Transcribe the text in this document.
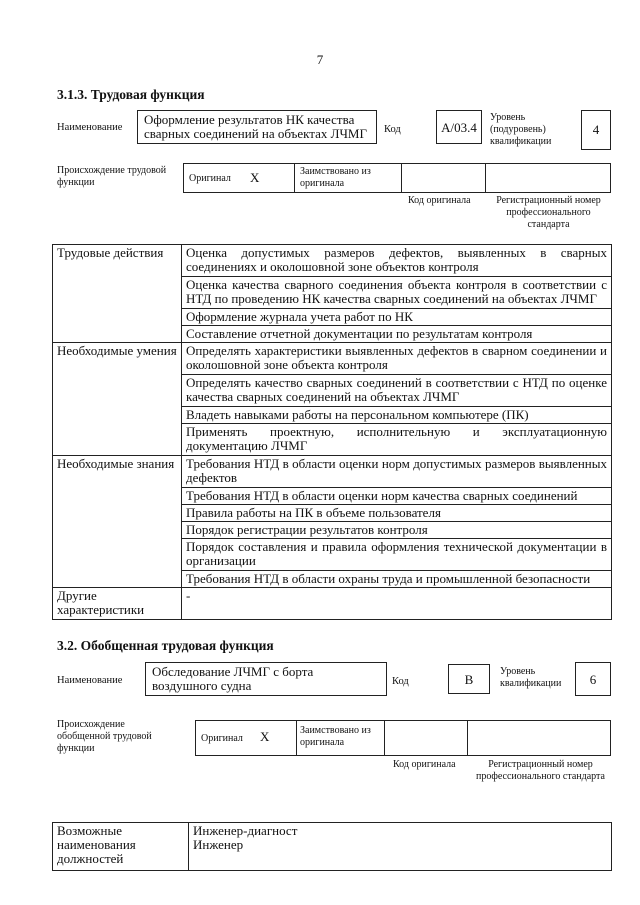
7
3.1.3. Трудовая функция
Наименование
Оформление результатов НК качества сварных соединений на объектах ЛЧМГ	Код	A/03.4
Уровень (подуровень) квалификации
4
Происхождение трудовой функции	Оригинал X	Заимствовано из оригинала
Код оригинала	Регистрационный номер профессионального стандарта
Трудовые действия	Оценка допустимых размеров дефектов, выявленных в сварных соединениях и околошовной зоне объектов контроля
	Оценка качества сварного соединения объекта контроля в соответствии с НТД по проведению НК качества сварных соединений на объектах ЛЧМГ
	Оформление журнала учета работ по НК
	Составление отчетной документации по результатам контроля
Необходимые умения	Определять характеристики выявленных дефектов в сварном соединении и околошовной зоне объекта контроля
	Определять качество сварных соединений в соответствии с НТД по оценке качества сварных соединений на объектах ЛЧМГ
	Владеть навыками работы на персональном компьютере (ПК)
	Применять проектную, исполнительную и эксплуатационную документацию ЛЧМГ
Необходимые знания	Требования НТД в области оценки норм допустимых размеров выявленных дефектов
	Требования НТД в области оценки норм качества сварных соединений
	Правила работы на ПК в объеме пользователя
	Порядок регистрации результатов контроля
	Порядок составления и правила оформления технической документации в организации
	Требования НТД в области охраны труда и промышленной безопасности
Другие характеристики	-
3.2. Обобщенная трудовая функция
Наименование
Обследование ЛЧМГ с борта воздушного судна	Код	B
Уровень квалификации	6
Происхождение обобщенной трудовой функции
Оригинал X	Заимствовано из оригинала
Код оригинала	Регистрационный номер профессионального стандарта
Возможные наименования должностей	
Инженер-диагност
Инженер
